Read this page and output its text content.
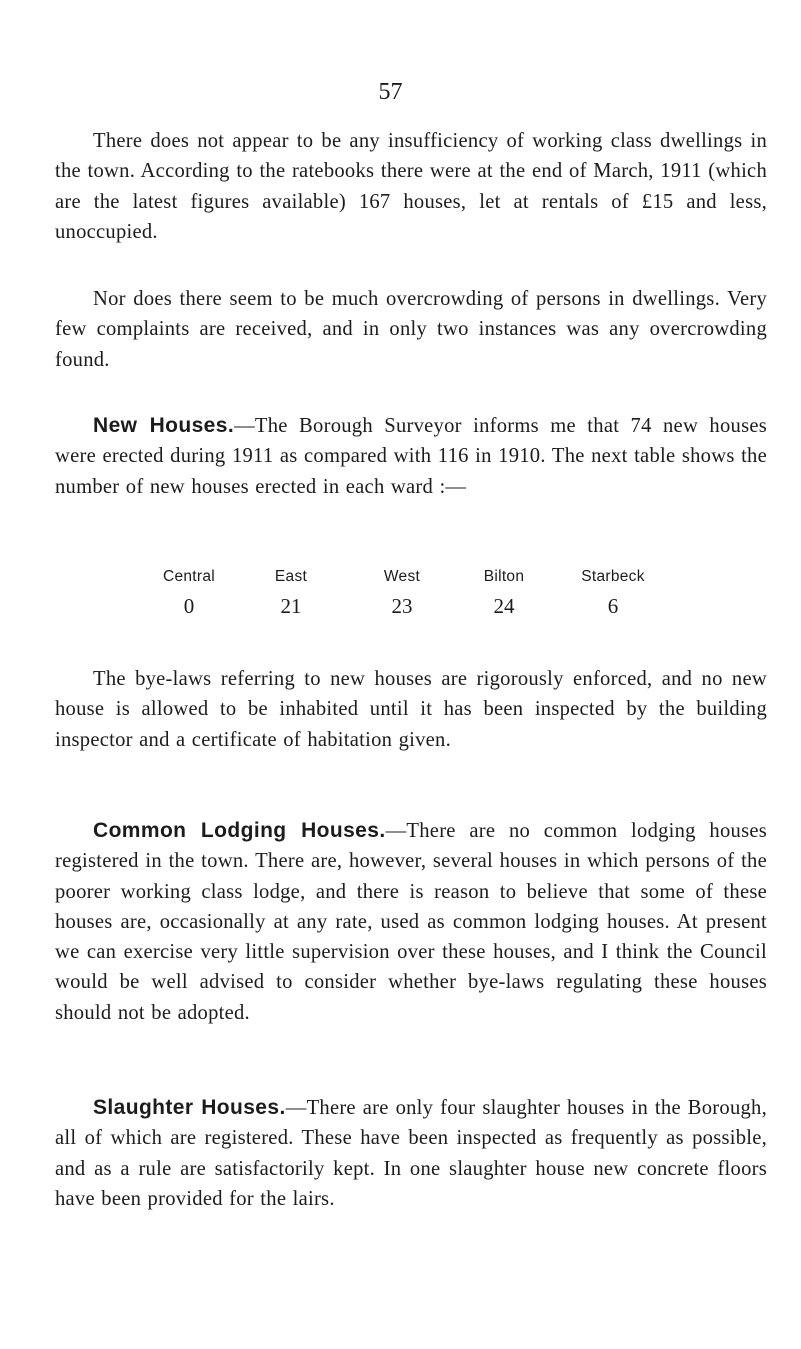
57

There does not appear to be any insufficiency of working class dwellings in the town. According to the ratebooks there were at the end of March, 1911 (which are the latest figures available) 167 houses, let at rentals of £15 and less, unoccupied.

Nor does there seem to be much overcrowding of persons in dwellings. Very few complaints are received, and in only two instances was any overcrowding found.

New Houses.—The Borough Surveyor informs me that 74 new houses were erected during 1911 as compared with 116 in 1910. The next table shows the number of new houses erected in each ward :—

Central	East	West	Bilton	Starbeck
0	21	23	24	6

The bye-laws referring to new houses are rigorously enforced, and no new house is allowed to be inhabited until it has been inspected by the building inspector and a certificate of habitation given.

Common Lodging Houses.—There are no common lodging houses registered in the town. There are, however, several houses in which persons of the poorer working class lodge, and there is reason to believe that some of these houses are, occasionally at any rate, used as common lodging houses. At present we can exercise very little supervision over these houses, and I think the Council would be well advised to consider whether bye-laws regulating these houses should not be adopted.

Slaughter Houses.—There are only four slaughter houses in the Borough, all of which are registered. These have been inspected as frequently as possible, and as a rule are satisfactorily kept. In one slaughter house new concrete floors have been provided for the lairs.
